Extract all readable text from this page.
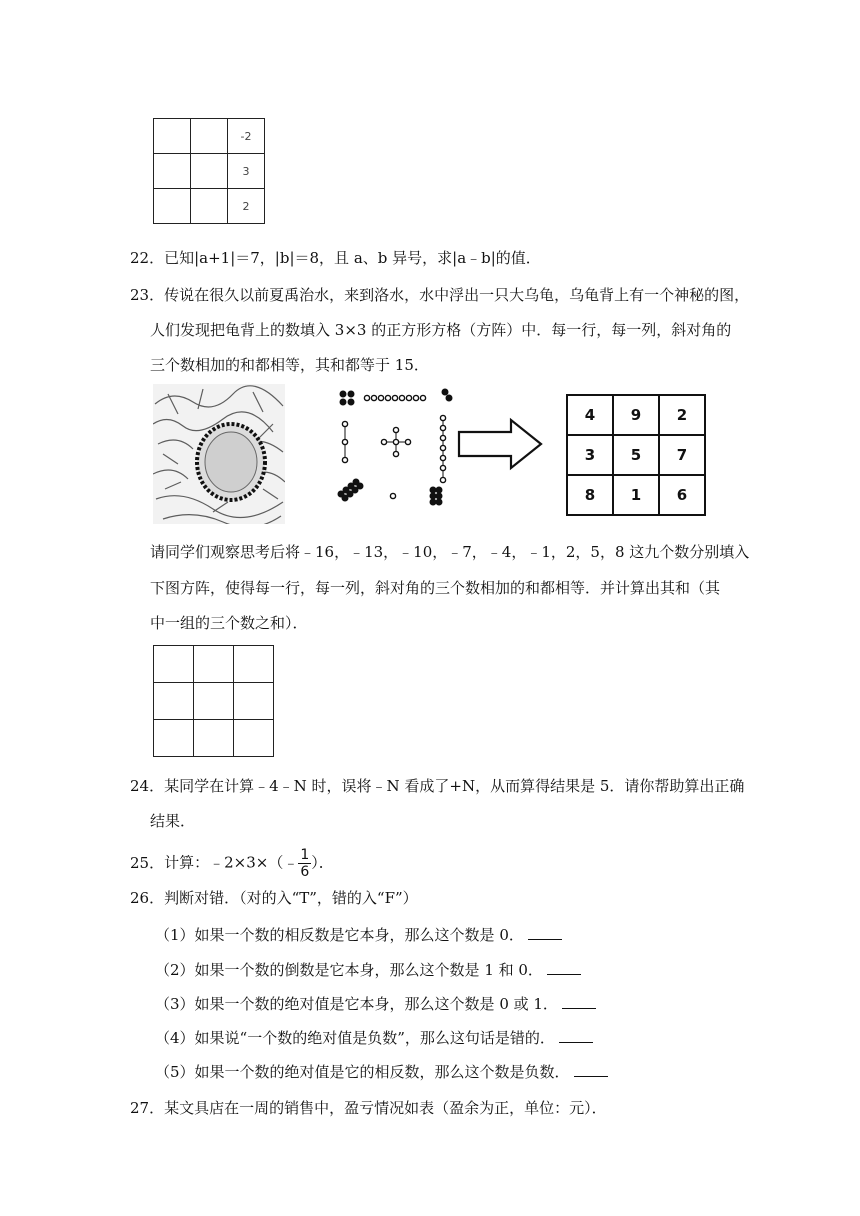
		-2
		3
		2
22．已知|a+1|＝7，|b|＝8，且 a、b 异号，求|a﹣b|的值．
23．传说在很久以前夏禹治水，来到洛水，水中浮出一只大乌龟，乌龟背上有一个神秘的图，
人们发现把龟背上的数填入 3×3 的正方形方格（方阵）中．每一行，每一列，斜对角的
三个数相加的和都相等，其和都等于 15．
4	9	2
3	5	7
8	1	6
请同学们观察思考后将﹣16，﹣13，﹣10，﹣7，﹣4，﹣1，2，5，8 这九个数分别填入
下图方阵，使得每一行，每一列，斜对角的三个数相加的和都相等．并计算出其和（其
中一组的三个数之和）．

24．某同学在计算﹣4﹣N 时，误将﹣N 看成了+N，从而算得结果是 5．请你帮助算出正确
结果．
25．计算：﹣2×3×（﹣ $\frac{1}{6}$ ）．
26．判断对错．（对的入“T”，错的入“F”）
（1）如果一个数的相反数是它本身，那么这个数是 0．
（2）如果一个数的倒数是它本身，那么这个数是 1 和 0．
（3）如果一个数的绝对值是它本身，那么这个数是 0 或 1．
（4）如果说“一个数的绝对值是负数”，那么这句话是错的．
（5）如果一个数的绝对值是它的相反数，那么这个数是负数．
27．某文具店在一周的销售中，盈亏情况如表（盈余为正，单位：元）．
